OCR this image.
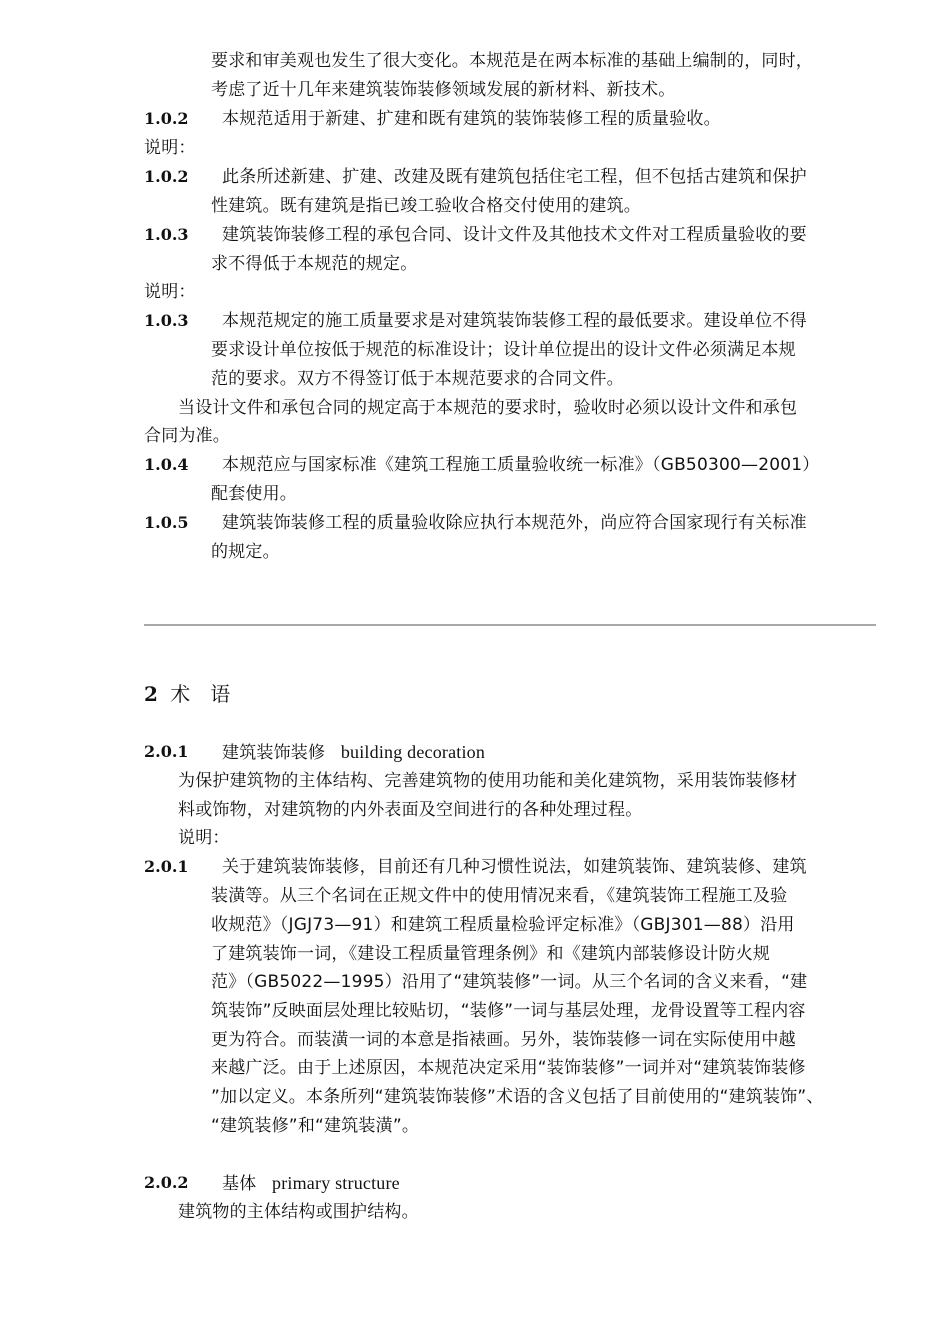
要求和审美观也发生了很大变化。本规范是在两本标准的基础上编制的，同时，
考虑了近十几年来建筑装饰装修领域发展的新材料、新技术。
1.0.2 本规范适用于新建、扩建和既有建筑的装饰装修工程的质量验收。
说明：
1.0.2 此条所述新建、扩建、改建及既有建筑包括住宅工程，但不包括古建筑和保护
性建筑。既有建筑是指已竣工验收合格交付使用的建筑。
1.0.3 建筑装饰装修工程的承包合同、设计文件及其他技术文件对工程质量验收的要
求不得低于本规范的规定。
说明：
1.0.3 本规范规定的施工质量要求是对建筑装饰装修工程的最低要求。建设单位不得
要求设计单位按低于规范的标准设计；设计单位提出的设计文件必须满足本规
范的要求。双方不得签订低于本规范要求的合同文件。
当设计文件和承包合同的规定高于本规范的要求时，验收时必须以设计文件和承包
合同为准。
1.0.4 本规范应与国家标准《建筑工程施工质量验收统一标准》（GB50300—2001）
配套使用。
1.0.5 建筑装饰装修工程的质量验收除应执行本规范外，尚应符合国家现行有关标准
的规定。
2 术　语
2.0.1 建筑装饰装修 building decoration
为保护建筑物的主体结构、完善建筑物的使用功能和美化建筑物，采用装饰装修材
料或饰物，对建筑物的内外表面及空间进行的各种处理过程。
说明：
2.0.1 关于建筑装饰装修，目前还有几种习惯性说法，如建筑装饰、建筑装修、建筑
装潢等。从三个名词在正规文件中的使用情况来看，《建筑装饰工程施工及验
收规范》（JGJ73—91）和建筑工程质量检验评定标准》（GBJ301—88）沿用
了建筑装饰一词，《建设工程质量管理条例》和《建筑内部装修设计防火规
范》（GB5022—1995）沿用了“建筑装修”一词。从三个名词的含义来看，“建
筑装饰”反映面层处理比较贴切，“装修”一词与基层处理，龙骨设置等工程内容
更为符合。而装潢一词的本意是指裱画。另外，装饰装修一词在实际使用中越
来越广泛。由于上述原因，本规范决定采用“装饰装修”一词并对“建筑装饰装修
”加以定义。本条所列“建筑装饰装修”术语的含义包括了目前使用的“建筑装饰”、
“建筑装修”和“建筑装潢”。
2.0.2 基体 primary structure
建筑物的主体结构或围护结构。
